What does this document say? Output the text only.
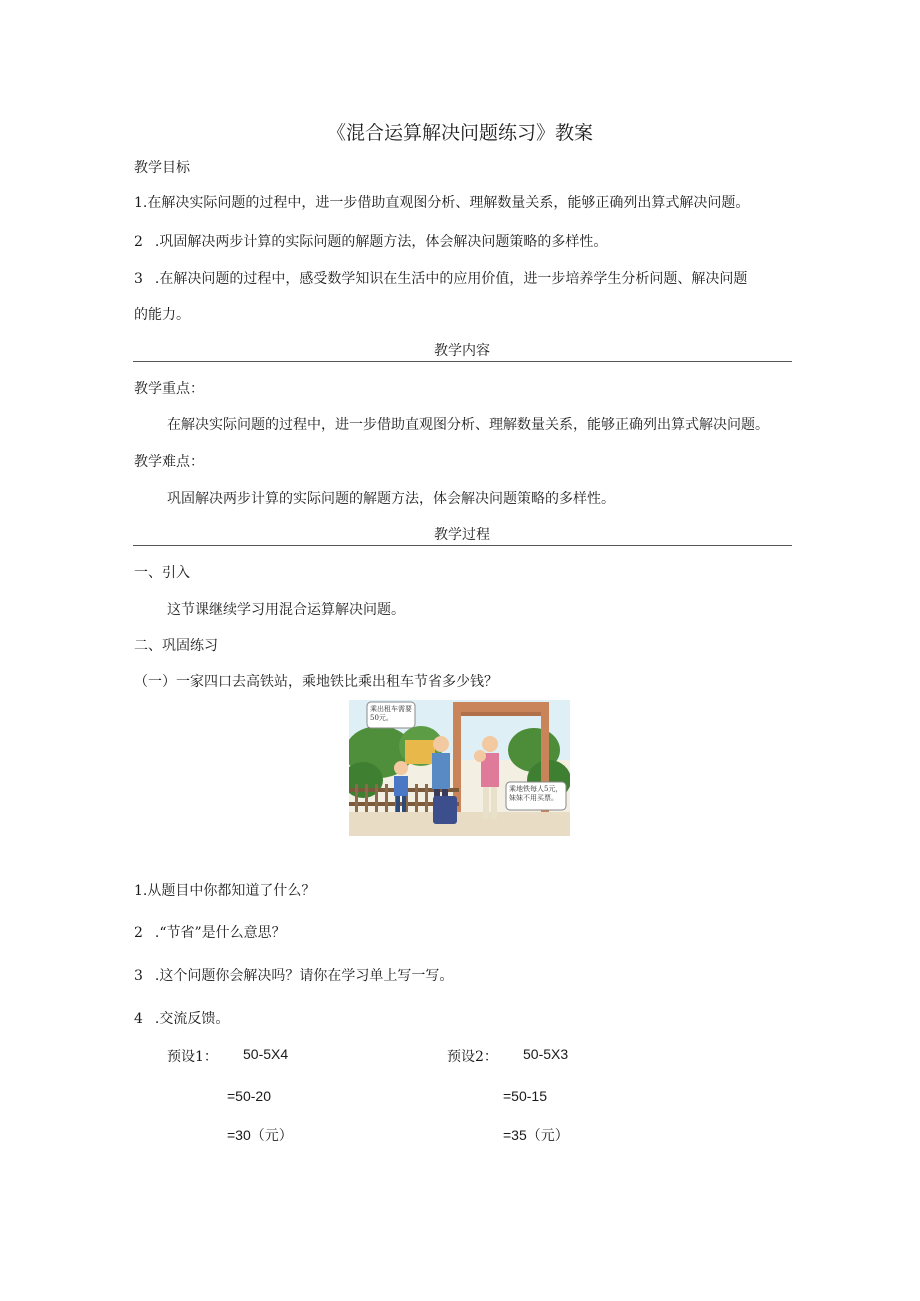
《混合运算解决问题练习》教案
教学目标
1.在解决实际问题的过程中，进一步借助直观图分析、理解数量关系，能够正确列出算式解决问题。
2 .巩固解决两步计算的实际问题的解题方法，体会解决问题策略的多样性。
3 .在解决问题的过程中，感受数学知识在生活中的应用价值，进一步培养学生分析问题、解决问题
的能力。
教学内容
教学重点：
在解决实际问题的过程中，进一步借助直观图分析、理解数量关系，能够正确列出算式解决问题。
教学难点：
巩固解决两步计算的实际问题的解题方法，体会解决问题策略的多样性。
教学过程
一、引入
这节课继续学习用混合运算解决问题。
二、巩固练习
（一）一家四口去高铁站，乘地铁比乘出租车节省多少钱？
乘出租车需要50元。
乘地铁每人5元，妹妹不用买票。
1.从题目中你都知道了什么？
2 .“节省”是什么意思？
3 .这个问题你会解决吗？请你在学习单上写一写。
4 .交流反馈。
预设1： 50-5X4
=50-20
=30（元）
预设2： 50-5X3
=50-15
=35（元）
